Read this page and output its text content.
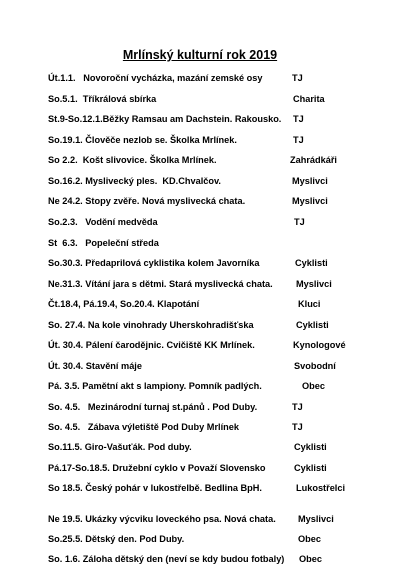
Mrlínský kulturní rok 2019
Út.1.1.   Novoroční vycházka, mazání zemské osy	TJ
So.5.1.  Tříkrálová sbírka	Charita
St.9-So.12.1.Běžky Ramsau am Dachstein. Rakousko. TJ
So.19.1. Člověče nezlob se. Školka Mrlínek.	TJ
So 2.2.  Košt slivovice. Školka Mrlínek.	Zahrádkáři
So.16.2. Myslivecký ples.  KD.Chvalčov.	Myslivci
Ne 24.2. Stopy zvěře. Nová myslivecká chata.	Myslivci
So.2.3.   Vodění medvěda	TJ
St  6.3.   Popeleční středa
So.30.3. Předaprilová cyklistika kolem Javorníka	Cyklisti
Ne.31.3. Vítání jara s dětmi. Stará myslivecká chata.	Myslivci
Čt.18.4, Pá.19.4, So.20.4. Klapotání	Kluci
So. 27.4. Na kole vinohrady Uherskohradišťska	Cyklisti
Út. 30.4. Pálení čarodějnic. Cvičiště KK Mrlínek.	Kynologové
Út. 30.4. Stavění máje	Svobodní
Pá. 3.5. Pamětní akt s lampiony. Pomník padlých.	Obec
So. 4.5.   Mezinárodní turnaj st.pánů . Pod Duby.	TJ
So. 4.5.   Zábava výletiště Pod Duby Mrlínek	TJ
So.11.5. Giro-Vašuťák. Pod duby.	Cyklisti
Pá.17-So.18.5. Družební cyklo v Považí Slovensko	Cyklisti
So 18.5. Český pohár v lukostřelbě. Bedlina BpH.	Lukostřelci
Ne 19.5. Ukázky výcviku loveckého psa. Nová chata. Myslivci
So.25.5. Dětský den. Pod Duby.	Obec
So. 1.6. Záloha dětský den (neví se kdy budou fotbaly) Obec
